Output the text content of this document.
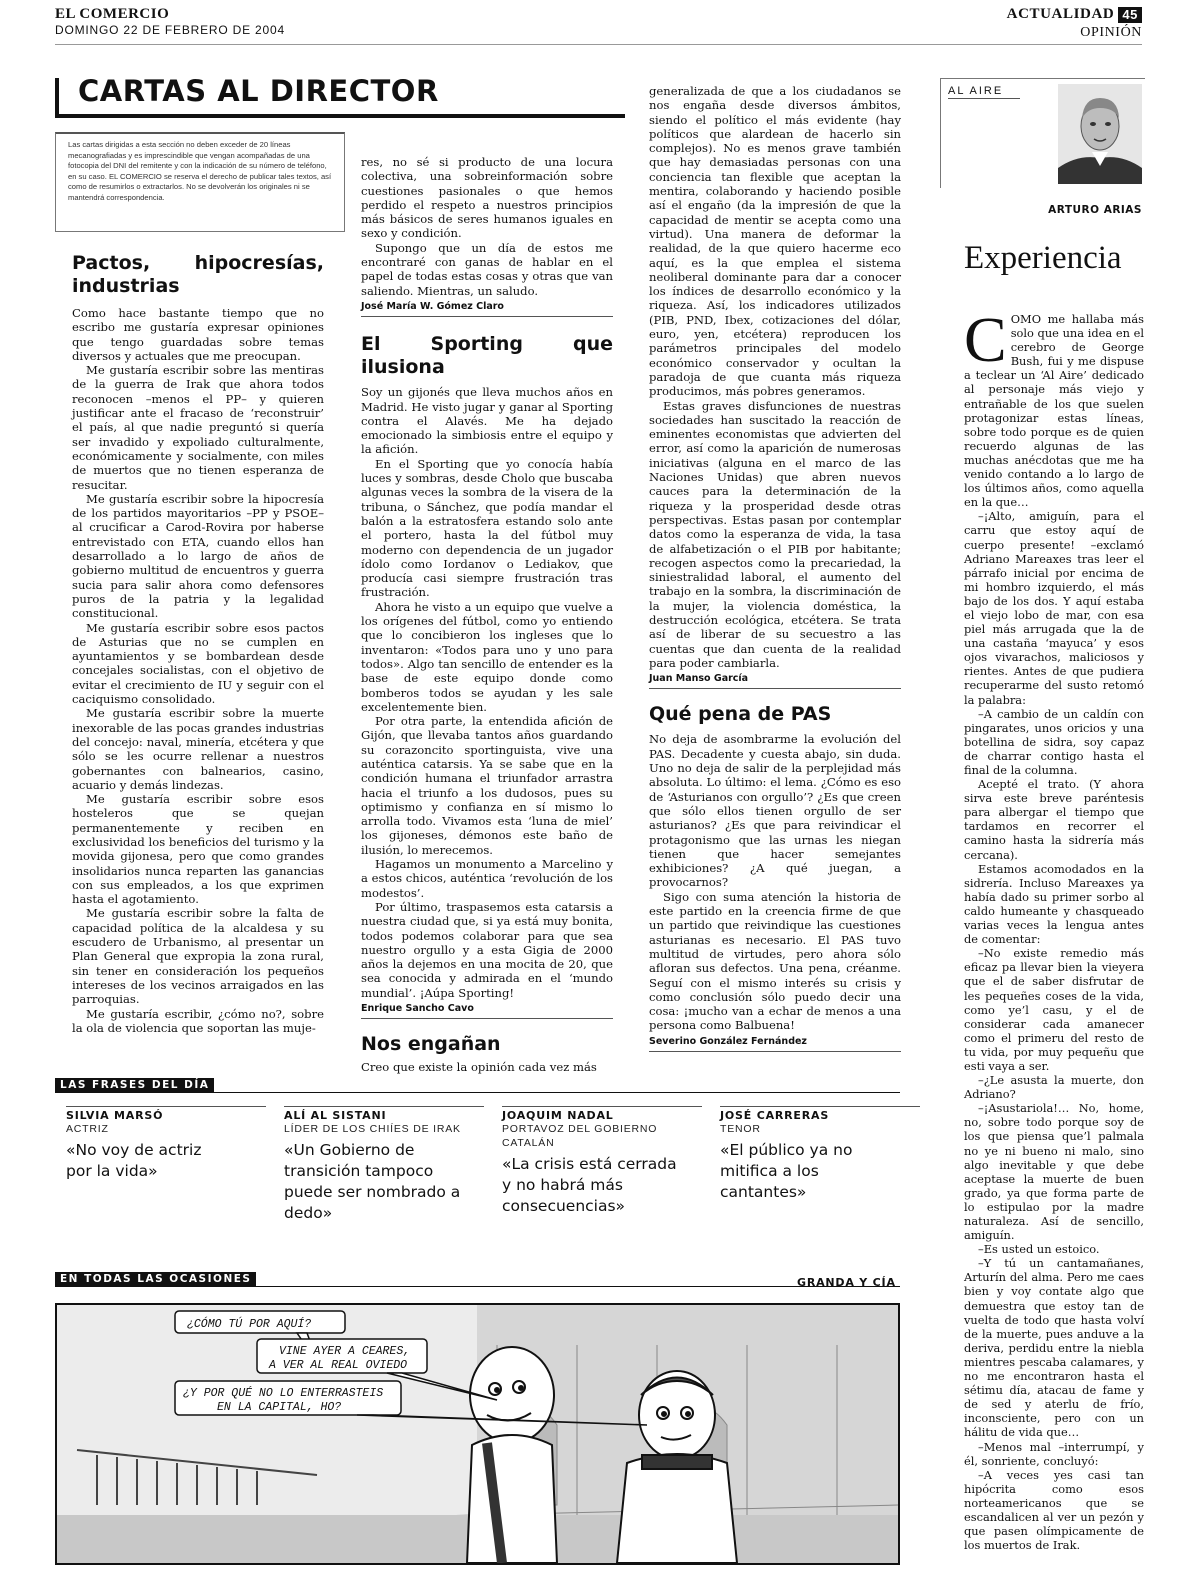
EL COMERCIO
DOMINGO 22 DE FEBRERO DE 2004
ACTUALIDAD 45
OPINIÓN
CARTAS AL DIRECTOR
Las cartas dirigidas a esta sección no deben exceder de 20 líneas mecanografiadas y es imprescindible que vengan acompañadas de una fotocopia del DNI del remitente y con la indicación de su número de teléfono, en su caso. EL COMERCIO se reserva el derecho de publicar tales textos, así como de resumirlos o extractarlos. No se devolverán los originales ni se mantendrá correspondencia.
Pactos, hipocresías, industrias

Como hace bastante tiempo que no escribo me gustaría expresar opiniones que tengo guardadas sobre temas diversos y actuales que me preocupan.

Me gustaría escribir sobre las mentiras de la guerra de Irak que ahora todos reconocen –menos el PP– y quieren justificar ante el fracaso de ‘reconstruir’ el país, al que nadie preguntó si quería ser invadido y expoliado culturalmente, económicamente y socialmente, con miles de muertos que no tienen esperanza de resucitar.

Me gustaría escribir sobre la hipocresía de los partidos mayoritarios –PP y PSOE– al crucificar a Carod-Rovira por haberse entrevistado con ETA, cuando ellos han desarrollado a lo largo de años de gobierno multitud de encuentros y guerra sucia para salir ahora como defensores puros de la patria y la legalidad constitucional.

Me gustaría escribir sobre esos pactos de Asturias que no se cumplen en ayuntamientos y se bombardean desde concejales socialistas, con el objetivo de evitar el crecimiento de IU y seguir con el caciquismo consolidado.

Me gustaría escribir sobre la muerte inexorable de las pocas grandes industrias del concejo: naval, minería, etcétera y que sólo se les ocurre rellenar a nuestros gobernantes con balnearios, casino, acuario y demás lindezas.

Me gustaría escribir sobre esos hosteleros que se quejan permanentemente y reciben en exclusividad los beneficios del turismo y la movida gijonesa, pero que como grandes insolidarios nunca reparten las ganancias con sus empleados, a los que exprimen hasta el agotamiento.

Me gustaría escribir sobre la falta de capacidad política de la alcaldesa y su escudero de Urbanismo, al presentar un Plan General que expropia la zona rural, sin tener en consideración los pequeños intereses de los vecinos arraigados en las parroquias.

Me gustaría escribir, ¿cómo no?, sobre la ola de violencia que soportan las muje-

res, no sé si producto de una locura colectiva, una sobreinformación sobre cuestiones pasionales o que hemos perdido el respeto a nuestros principios más básicos de seres humanos iguales en sexo y condición.

Supongo que un día de estos me encontraré con ganas de hablar en el papel de todas estas cosas y otras que van saliendo. Mientras, un saludo.

José María W. Gómez Claro
El Sporting que ilusiona

Soy un gijonés que lleva muchos años en Madrid. He visto jugar y ganar al Sporting contra el Alavés. Me ha dejado emocionado la simbiosis entre el equipo y la afición.

En el Sporting que yo conocía había luces y sombras, desde Cholo que buscaba algunas veces la sombra de la visera de la tribuna, o Sánchez, que podía mandar el balón a la estratosfera estando solo ante el portero, hasta la del fútbol muy moderno con dependencia de un jugador ídolo como Iordanov o Lediakov, que producía casi siempre frustración tras frustración.

Ahora he visto a un equipo que vuelve a los orígenes del fútbol, como yo entiendo que lo concibieron los ingleses que lo inventaron: «Todos para uno y uno para todos». Algo tan sencillo de entender es la base de este equipo donde como bomberos todos se ayudan y les sale excelentemente bien.

Por otra parte, la entendida afición de Gijón, que llevaba tantos años guardando su corazoncito sportinguista, vive una auténtica catarsis. Ya se sabe que en la condición humana el triunfador arrastra hacia el triunfo a los dudosos, pues su optimismo y confianza en sí mismo lo arrolla todo. Vivamos esta ‘luna de miel’ los gijoneses, démonos este baño de ilusión, lo merecemos.

Hagamos un monumento a Marcelino y a estos chicos, auténtica ‘revolución de los modestos’.

Por último, traspasemos esta catarsis a nuestra ciudad que, si ya está muy bonita, todos podemos colaborar para que sea nuestro orgullo y a esta Gigia de 2000 años la dejemos en una mocita de 20, que sea conocida y admirada en el ‘mundo mundial’. ¡Aúpa Sporting!

Enrique Sancho Cavo
Nos engañan

Creo que existe la opinión cada vez más

generalizada de que a los ciudadanos se nos engaña desde diversos ámbitos, siendo el político el más evidente (hay políticos que alardean de hacerlo sin complejos). No es menos grave también que hay demasiadas personas con una conciencia tan flexible que aceptan la mentira, colaborando y haciendo posible así el engaño (da la impresión de que la capacidad de mentir se acepta como una virtud). Una manera de deformar la realidad, de la que quiero hacerme eco aquí, es la que emplea el sistema neoliberal dominante para dar a conocer los índices de desarrollo económico y la riqueza. Así, los indicadores utilizados (PIB, PND, Ibex, cotizaciones del dólar, euro, yen, etcétera) reproducen los parámetros principales del modelo económico conservador y ocultan la paradoja de que cuanta más riqueza producimos, más pobres generamos.

Estas graves disfunciones de nuestras sociedades han suscitado la reacción de eminentes economistas que advierten del error, así como la aparición de numerosas iniciativas (alguna en el marco de las Naciones Unidas) que abren nuevos cauces para la determinación de la riqueza y la prosperidad desde otras perspectivas. Estas pasan por contemplar datos como la esperanza de vida, la tasa de alfabetización o el PIB por habitante; recogen aspectos como la precariedad, la siniestralidad laboral, el aumento del trabajo en la sombra, la discriminación de la mujer, la violencia doméstica, la destrucción ecológica, etcétera. Se trata así de liberar de su secuestro a las cuentas que dan cuenta de la realidad para poder cambiarla.

Juan Manso García
Qué pena de PAS

No deja de asombrarme la evolución del PAS. Decadente y cuesta abajo, sin duda. Uno no deja de salir de la perplejidad más absoluta. Lo último: el lema. ¿Cómo es eso de ‘Asturianos con orgullo’? ¿Es que creen que sólo ellos tienen orgullo de ser asturianos? ¿Es que para reivindicar el protagonismo que las urnas les niegan tienen que hacer semejantes exhibiciones? ¿A qué juegan, a provocarnos?

Sigo con suma atención la historia de este partido en la creencia firme de que un partido que reivindique las cuestiones asturianas es necesario. El PAS tuvo multitud de virtudes, pero ahora sólo afloran sus defectos. Una pena, créanme. Seguí con el mismo interés su crisis y como conclusión sólo puedo decir una cosa: ¡mucho van a echar de menos a una persona como Balbuena!

Severino González Fernández
AL AIRE
ARTURO ARIAS
Experiencia
COMO me hallaba más solo que una idea en el cerebro de George Bush, fui y me dispuse a teclear un ‘Al Aire’ dedicado al personaje más viejo y entrañable de los que suelen protagonizar estas líneas, sobre todo porque es de quien recuerdo algunas de las muchas anécdotas que me ha venido contando a lo largo de los últimos años, como aquella en la que…

–¡Alto, amiguín, para el carru que estoy aquí de cuerpo presente! –exclamó Adriano Mareaxes tras leer el párrafo inicial por encima de mi hombro izquierdo, el más bajo de los dos. Y aquí estaba el viejo lobo de mar, con esa piel más arrugada que la de una castaña ‘mayuca’ y esos ojos vivarachos, maliciosos y rientes. Antes de que pudiera recuperarme del susto retomó la palabra:

–A cambio de un caldín con pingarates, unos oricios y una botellina de sidra, soy capaz de charrar contigo hasta el final de la columna.

Acepté el trato. (Y ahora sirva este breve paréntesis para albergar el tiempo que tardamos en recorrer el camino hasta la sidrería más cercana).

Estamos acomodados en la sidrería. Incluso Mareaxes ya había dado su primer sorbo al caldo humeante y chasqueado varias veces la lengua antes de comentar:

–No existe remedio más eficaz pa llevar bien la vieyera que el de saber disfrutar de les pequeñes coses de la vida, como ye’l casu, y el de considerar cada amanecer como el primeru del resto de tu vida, por muy pequeñu que esti vaya a ser.

–¿Le asusta la muerte, don Adriano?

–¡Asustariola!… No, home, no, sobre todo porque soy de los que piensa que’l palmala no ye ni bueno ni malo, sino algo inevitable y que debe aceptase la muerte de buen grado, ya que forma parte de lo estipulao por la madre naturaleza. Así de sencillo, amiguín.

–Es usted un estoico.

–Y tú un cantamañanes, Arturín del alma. Pero me caes bien y voy contate algo que demuestra que estoy tan de vuelta de todo que hasta volví de la muerte, pues anduve a la deriva, perdidu entre la niebla mientres pescaba calamares, y no me encontraron hasta el sétimu día, atacau de fame y de sed y aterlu de frío, inconsciente, pero con un hálitu de vida que…

–Menos mal –interrumpí, y él, sonriente, concluyó:

–A veces yes casi tan hipócrita como esos norteamericanos que se escandalicen al ver un pezón y que pasen olímpicamente de los muertos de Irak.

LAS FRASES DEL DÍA
SILVIA MARSÓ
ACTRIZ
«No voy de actriz por la vida»
ALÍ AL SISTANI
LÍDER DE LOS CHIÍES DE IRAK
«Un Gobierno de transición tampoco puede ser nombrado a dedo»
JOAQUIM NADAL
PORTAVOZ DEL GOBIERNO CATALÁN
«La crisis está cerrada y no habrá más consecuencias»
JOSÉ CARRERAS
TENOR
«El público ya no mitifica a los cantantes»
EN TODAS LAS OCASIONES	GRANDA Y CÍA
¿CÓMO TÚ POR AQUÍ?
VINE AYER A CEARES,
A VER AL REAL OVIEDO
¿Y POR QUÉ NO LO ENTERRASTEIS
EN LA CAPITAL, HO?
